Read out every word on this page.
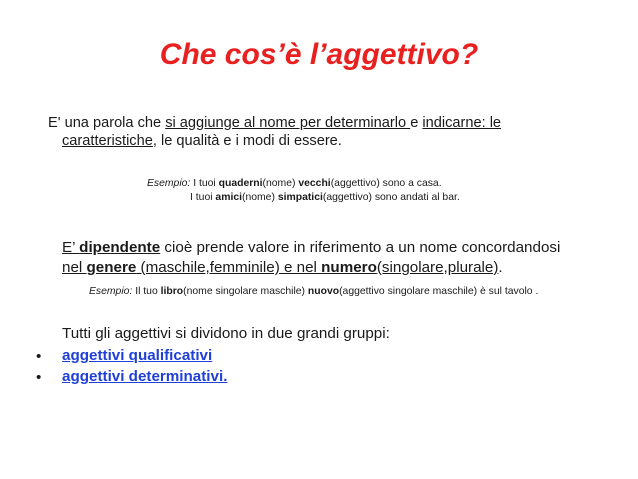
Che cos’è l’aggettivo?
E' una parola che si aggiunge al nome per determinarlo e indicarne: le
caratteristiche, le qualità e i modi di essere.
Esempio: I tuoi quaderni(nome) vecchi(aggettivo) sono a casa.
I tuoi amici(nome) simpatici(aggettivo) sono andati al bar.
E’ dipendente cioè prende valore in riferimento a un nome concordandosi
nel genere (maschile,femminile) e nel numero(singolare,plurale).
Esempio: Il tuo libro(nome singolare maschile) nuovo(aggettivo singolare maschile) è sul tavolo .
Tutti gli aggettivi si dividono in due grandi gruppi:
• aggettivi qualificativi
• aggettivi determinativi.
